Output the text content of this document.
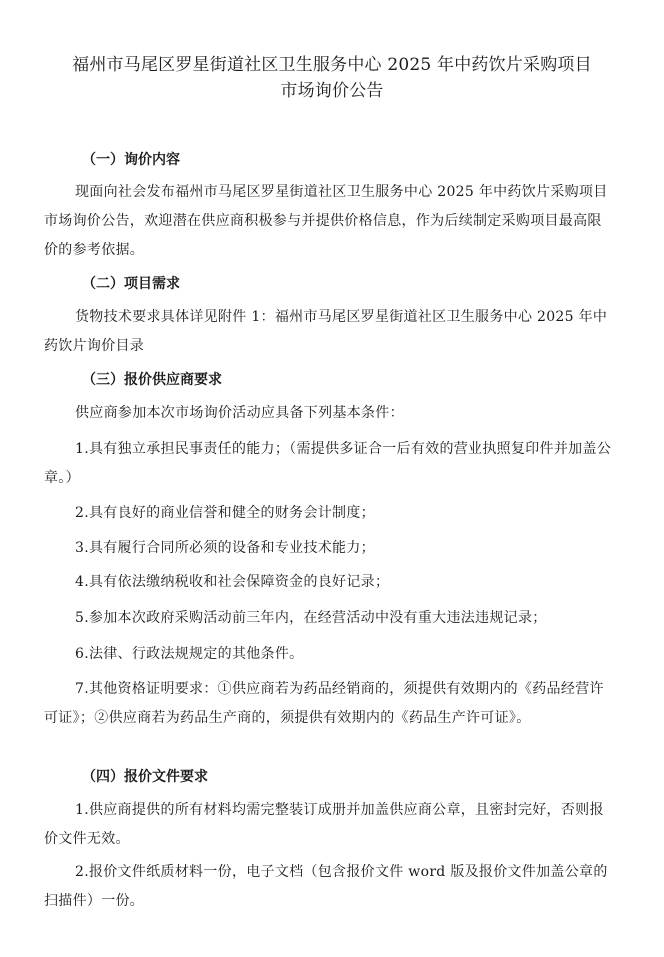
福州市马尾区罗星街道社区卫生服务中心 2025 年中药饮片采购项目
市场询价公告
（一）询价内容
现面向社会发布福州市马尾区罗星街道社区卫生服务中心 2025 年中药饮片采购项目市场询价公告，欢迎潜在供应商积极参与并提供价格信息，作为后续制定采购项目最高限价的参考依据。
（二）项目需求
货物技术要求具体详见附件 1：福州市马尾区罗星街道社区卫生服务中心 2025 年中药饮片询价目录
（三）报价供应商要求
供应商参加本次市场询价活动应具备下列基本条件：
1.具有独立承担民事责任的能力；（需提供多证合一后有效的营业执照复印件并加盖公章。）
2.具有良好的商业信誉和健全的财务会计制度；
3.具有履行合同所必须的设备和专业技术能力；
4.具有依法缴纳税收和社会保障资金的良好记录；
5.参加本次政府采购活动前三年内，在经营活动中没有重大违法违规记录；
6.法律、行政法规规定的其他条件。
7.其他资格证明要求：①供应商若为药品经销商的，须提供有效期内的《药品经营许可证》；②供应商若为药品生产商的，须提供有效期内的《药品生产许可证》。
（四）报价文件要求
1.供应商提供的所有材料均需完整装订成册并加盖供应商公章，且密封完好，否则报价文件无效。
2.报价文件纸质材料一份，电子文档（包含报价文件 word 版及报价文件加盖公章的扫描件）一份。
